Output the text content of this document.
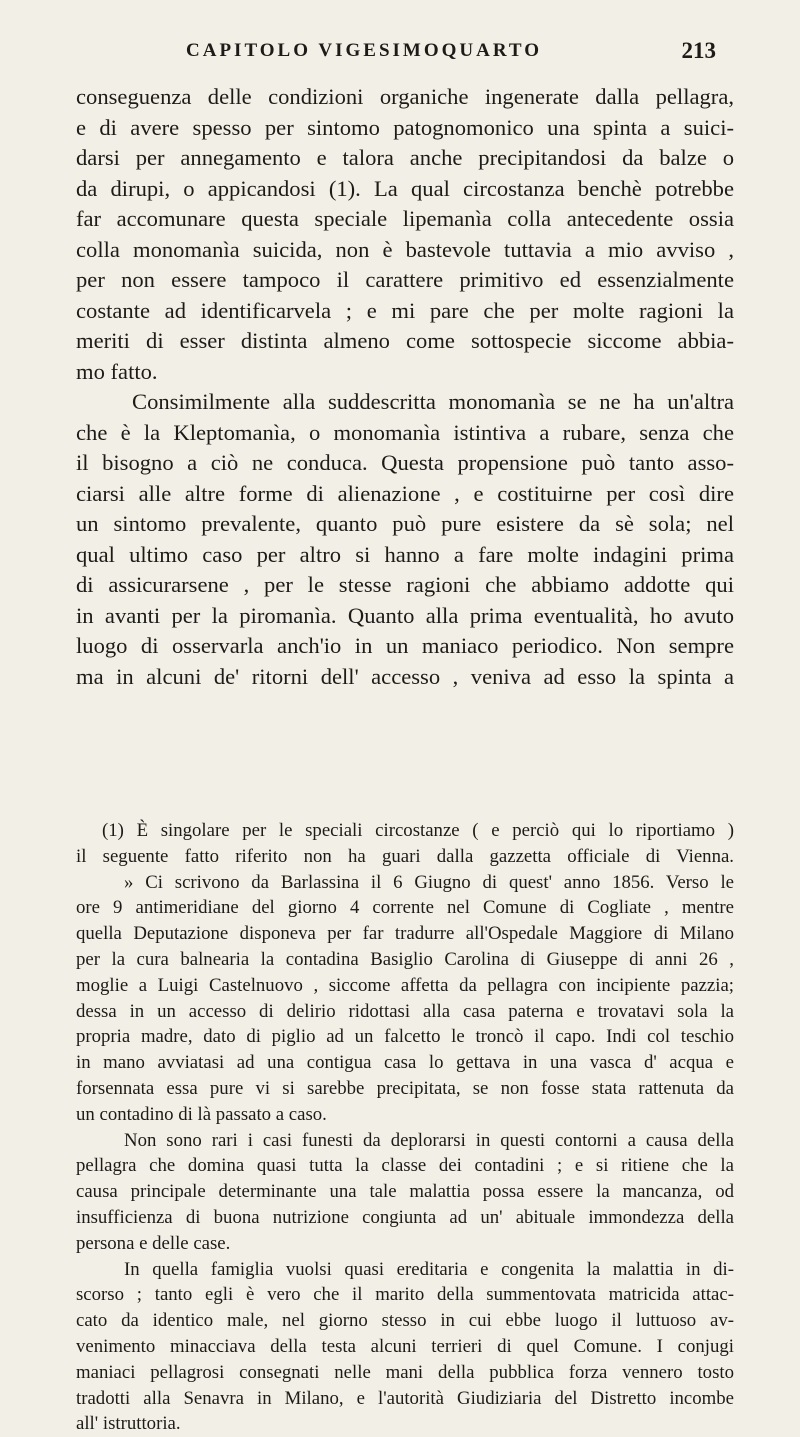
CAPITOLO VIGESIMOQUARTO	213
conseguenza delle condizioni organiche ingenerate dalla pellagra,
e di avere spesso per sintomo patognomonico una spinta a suici-
darsi per annegamento e talora anche precipitandosi da balze o
da dirupi, o appicandosi (1). La qual circostanza benchè potrebbe
far accomunare questa speciale lipemanìa colla antecedente ossia
colla monomanìa suicida, non è bastevole tuttavia a mio avviso ,
per non essere tampoco il carattere primitivo ed essenzialmente
costante ad identificarvela ; e mi pare che per molte ragioni la
meriti di esser distinta almeno come sottospecie siccome abbia-
mo fatto.
Consimilmente alla suddescritta monomanìa se ne ha un'altra
che è la Kleptomanìa, o monomanìa istintiva a rubare, senza che
il bisogno a ciò ne conduca. Questa propensione può tanto asso-
ciarsi alle altre forme di alienazione , e costituirne per così dire
un sintomo prevalente, quanto può pure esistere da sè sola; nel
qual ultimo caso per altro si hanno a fare molte indagini prima
di assicurarsene , per le stesse ragioni che abbiamo addotte qui
in avanti per la piromanìa. Quanto alla prima eventualità, ho avuto
luogo di osservarla anch'io in un maniaco periodico. Non sempre
ma in alcuni de' ritorni dell' accesso , veniva ad esso la spinta a
(1) È singolare per le speciali circostanze ( e perciò qui lo riportiamo )
il seguente fatto riferito non ha guari dalla gazzetta officiale di Vienna.
» Ci scrivono da Barlassina il 6 Giugno di quest' anno 1856. Verso le
ore 9 antimeridiane del giorno 4 corrente nel Comune di Cogliate , mentre
quella Deputazione disponeva per far tradurre all'Ospedale Maggiore di Milano
per la cura balnearia la contadina Basiglio Carolina di Giuseppe di anni 26 ,
moglie a Luigi Castelnuovo , siccome affetta da pellagra con incipiente pazzia;
dessa in un accesso di delirio ridottasi alla casa paterna e trovatavi sola la
propria madre, dato di piglio ad un falcetto le troncò il capo. Indi col teschio
in mano avviatasi ad una contigua casa lo gettava in una vasca d' acqua e
forsennata essa pure vi si sarebbe precipitata, se non fosse stata rattenuta da
un contadino di là passato a caso.
Non sono rari i casi funesti da deplorarsi in questi contorni a causa della
pellagra che domina quasi tutta la classe dei contadini ; e si ritiene che la
causa principale determinante una tale malattia possa essere la mancanza, od
insufficienza di buona nutrizione congiunta ad un' abituale immondezza della
persona e delle case.
In quella famiglia vuolsi quasi ereditaria e congenita la malattia in di-
scorso ; tanto egli è vero che il marito della summentovata matricida attac-
cato da identico male, nel giorno stesso in cui ebbe luogo il luttuoso av-
venimento minacciava della testa alcuni terrieri di quel Comune. I conjugi
maniaci pellagrosi consegnati nelle mani della pubblica forza vennero tosto
tradotti alla Senavra in Milano, e l'autorità Giudiziaria del Distretto incombe
all' istruttoria.
